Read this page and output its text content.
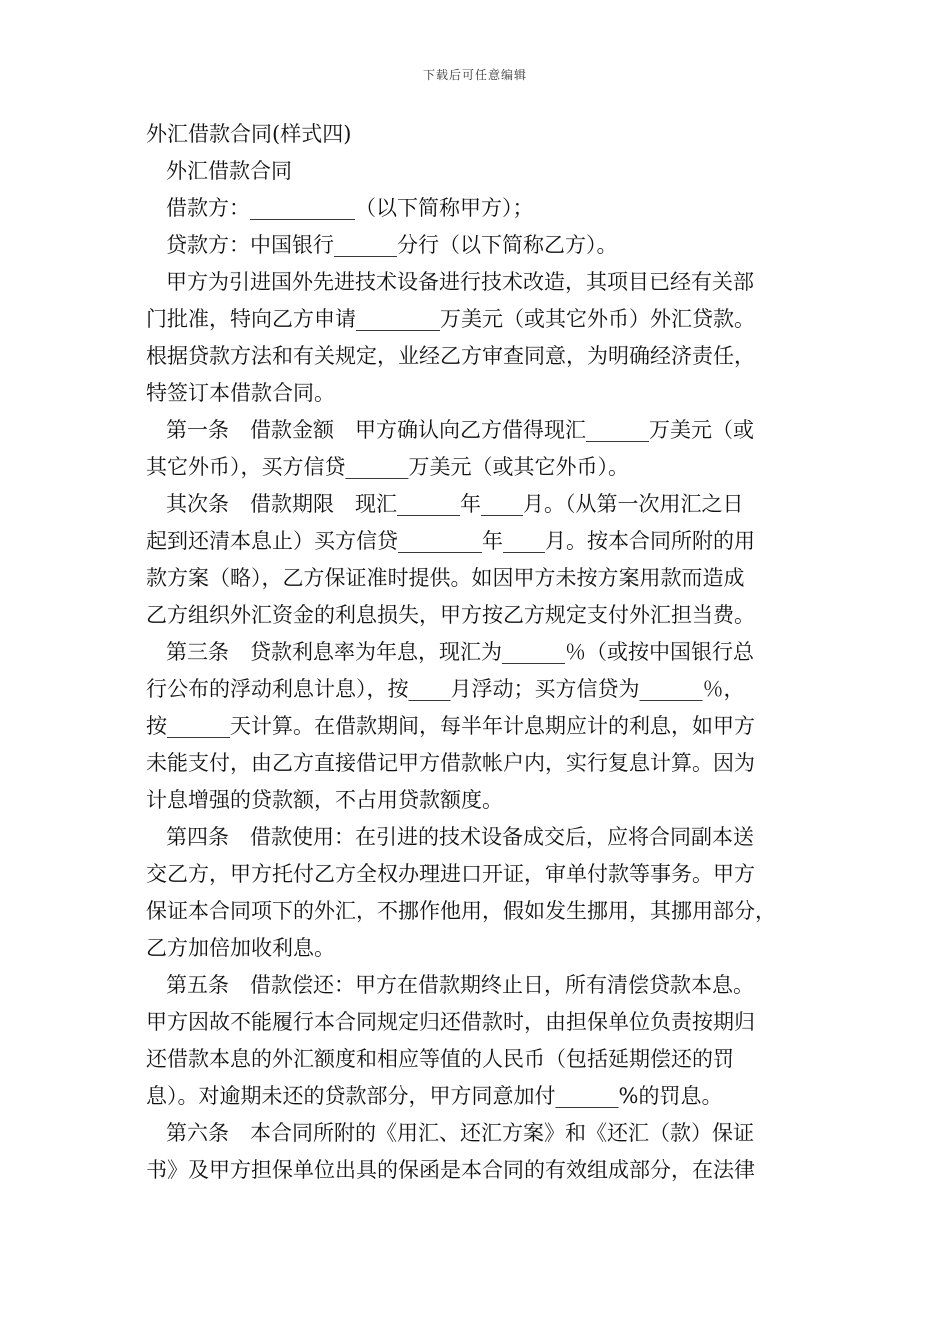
下载后可任意编辑
外汇借款合同(样式四)
外汇借款合同
借款方：__________（以下简称甲方）；
贷款方：中国银行______分行（以下简称乙方）。
甲方为引进国外先进技术设备进行技术改造，其项目已经有关部
门批准，特向乙方申请________万美元（或其它外币）外汇贷款。
根据贷款方法和有关规定，业经乙方审查同意，为明确经济责任，
特签订本借款合同。
第一条　借款金额　甲方确认向乙方借得现汇______万美元（或
其它外币），买方信贷______万美元（或其它外币）。
其次条　借款期限　现汇______年____月。（从第一次用汇之日
起到还清本息止）买方信贷________年____月。按本合同所附的用
款方案（略），乙方保证准时提供。如因甲方未按方案用款而造成
乙方组织外汇资金的利息损失，甲方按乙方规定支付外汇担当费。
第三条　贷款利息率为年息，现汇为______％（或按中国银行总
行公布的浮动利息计息），按____月浮动；买方信贷为______％，
按______天计算。在借款期间，每半年计息期应计的利息，如甲方
未能支付，由乙方直接借记甲方借款帐户内，实行复息计算。因为
计息增强的贷款额，不占用贷款额度。
第四条　借款使用：在引进的技术设备成交后，应将合同副本送
交乙方，甲方托付乙方全权办理进口开证，审单付款等事务。甲方
保证本合同项下的外汇，不挪作他用，假如发生挪用，其挪用部分，
乙方加倍加收利息。
第五条　借款偿还：甲方在借款期终止日，所有清偿贷款本息。
甲方因故不能履行本合同规定归还借款时，由担保单位负责按期归
还借款本息的外汇额度和相应等值的人民币（包括延期偿还的罚
息）。对逾期未还的贷款部分，甲方同意加付______%的罚息。
第六条　本合同所附的《用汇、还汇方案》和《还汇（款）保证
书》及甲方担保单位出具的保函是本合同的有效组成部分，在法律
